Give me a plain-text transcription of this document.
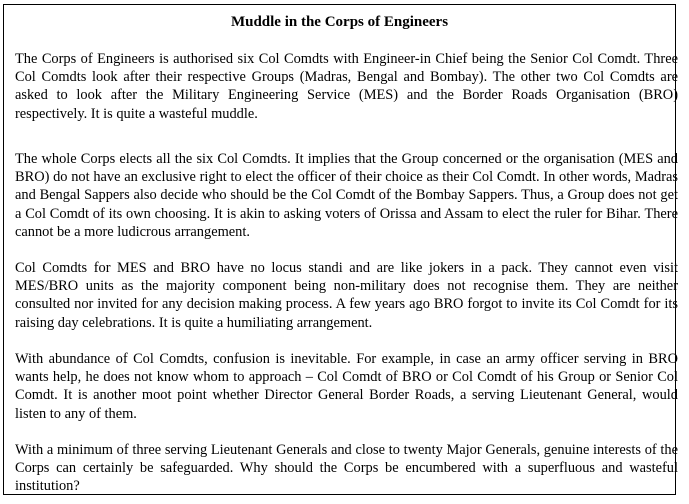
Muddle in the Corps of Engineers

The Corps of Engineers is authorised six Col Comdts with Engineer-in Chief being the Senior Col Comdt. Three Col Comdts look after their respective Groups (Madras, Bengal and Bombay). The other two Col Comdts are asked to look after the Military Engineering Service (MES) and the Border Roads Organisation (BRO) respectively. It is quite a wasteful muddle.

The whole Corps elects all the six Col Comdts. It implies that the Group concerned or the organisation (MES and BRO) do not have an exclusive right to elect the officer of their choice as their Col Comdt. In other words, Madras and Bengal Sappers also decide who should be the Col Comdt of the Bombay Sappers. Thus, a Group does not get a Col Comdt of its own choosing. It is akin to asking voters of Orissa and Assam to elect the ruler for Bihar. There cannot be a more ludicrous arrangement.

Col Comdts for MES and BRO have no locus standi and are like jokers in a pack. They cannot even visit MES/BRO units as the majority component being non-military does not recognise them. They are neither consulted nor invited for any decision making process. A few years ago BRO forgot to invite its Col Comdt for its raising day celebrations. It is quite a humiliating arrangement.

With abundance of Col Comdts, confusion is inevitable. For example, in case an army officer serving in BRO wants help, he does not know whom to approach – Col Comdt of BRO or Col Comdt of his Group or Senior Col Comdt. It is another moot point whether Director General Border Roads, a serving Lieutenant General, would listen to any of them.

With a minimum of three serving Lieutenant Generals and close to twenty Major Generals, genuine interests of the Corps can certainly be safeguarded. Why should the Corps be encumbered with a superfluous and wasteful institution?
